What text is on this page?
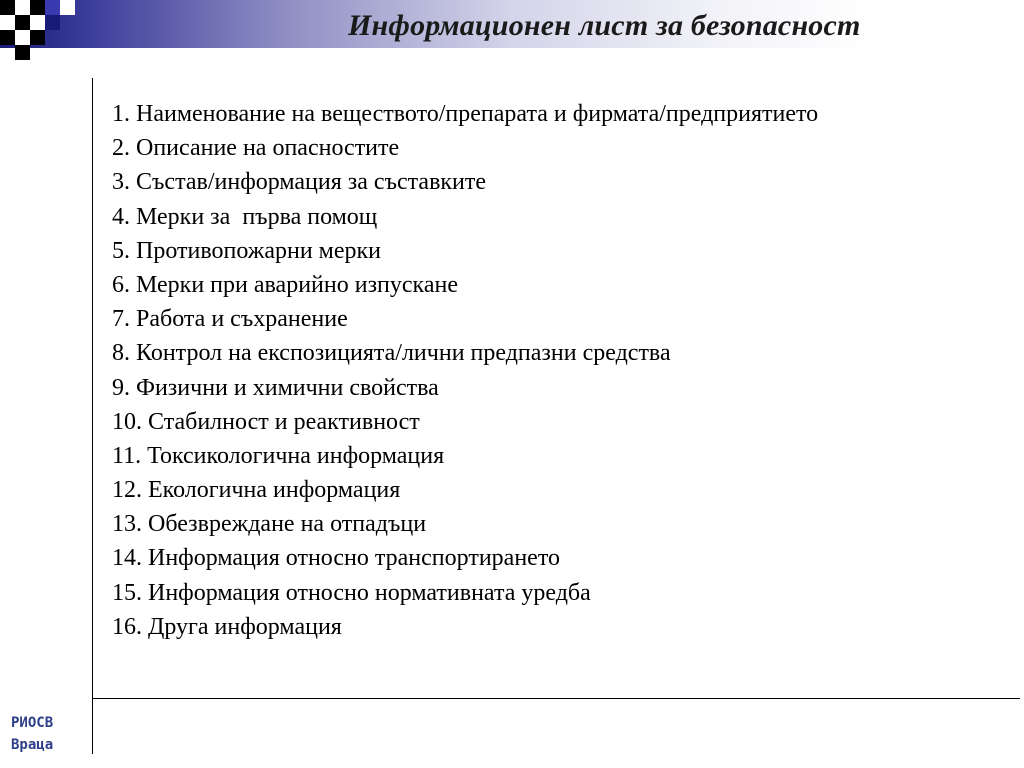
Информационен лист за безопасност
1. Наименование на веществото/препарата и фирмата/предприятието
2. Описание на опасностите
3. Състав/информация за съставките
4. Мерки за  първа помощ
5. Противопожарни мерки
6. Мерки при аварийно изпускане
7. Работа и съхранение
8. Контрол на експозицията/лични предпазни средства
9. Физични и химични свойства
10. Стабилност и реактивност
11. Токсикологична информация
12. Екологична информация
13. Обезвреждане на отпадъци
14. Информация относно транспортирането
15. Информация относно нормативната уредба
16. Друга информация
РИОСВ
Враца
